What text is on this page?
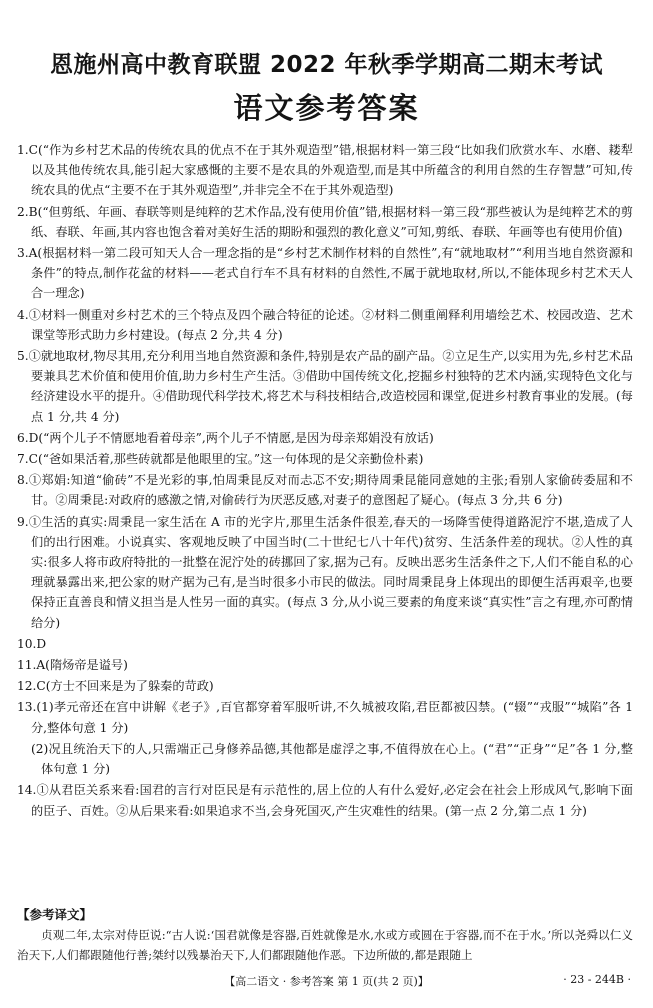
恩施州高中教育联盟 2022 年秋季学期高二期末考试
语文参考答案
1.C(“作为乡村艺术品的传统农具的优点不在于其外观造型”错,根据材料一第三段“比如我们欣赏水车、水磨、耧犁以及其他传统农具,能引起大家感慨的主要不是农具的外观造型,而是其中所蕴含的利用自然的生存智慧”可知,传统农具的优点“主要不在于其外观造型”,并非完全不在于其外观造型)
2.B(“但剪纸、年画、春联等则是纯粹的艺术作品,没有使用价值”错,根据材料一第三段“那些被认为是纯粹艺术的剪纸、春联、年画,其内容也饱含着对美好生活的期盼和强烈的教化意义”可知,剪纸、春联、年画等也有使用价值)
3.A(根据材料一第二段可知天人合一理念指的是“乡村艺术制作材料的自然性”,有“就地取材”“利用当地自然资源和条件”的特点,制作花盆的材料——老式自行车不具有材料的自然性,不属于就地取材,所以,不能体现乡村艺术天人合一理念)
4.①材料一侧重对乡村艺术的三个特点及四个融合特征的论述。②材料二侧重阐释利用墙绘艺术、校园改造、艺术课堂等形式助力乡村建设。(每点 2 分,共 4 分)
5.①就地取材,物尽其用,充分利用当地自然资源和条件,特别是农产品的副产品。②立足生产,以实用为先,乡村艺术品要兼具艺术价值和使用价值,助力乡村生产生活。③借助中国传统文化,挖掘乡村独特的艺术内涵,实现特色文化与经济建设水平的提升。④借助现代科学技术,将艺术与科技相结合,改造校园和课堂,促进乡村教育事业的发展。(每点 1 分,共 4 分)
6.D(“两个儿子不情愿地看着母亲”,两个儿子不情愿,是因为母亲郑娟没有放话)
7.C(“爸如果活着,那些砖就都是他眼里的宝。”这一句体现的是父亲勤俭朴素)
8.①郑娟:知道“偷砖”不是光彩的事,怕周秉昆反对而忐忑不安;期待周秉昆能同意她的主张;看别人家偷砖委屈和不甘。②周秉昆:对政府的感激之情,对偷砖行为厌恶反感,对妻子的意图起了疑心。(每点 3 分,共 6 分)
9.①生活的真实:周秉昆一家生活在 A 市的光字片,那里生活条件很差,春天的一场降雪使得道路泥泞不堪,造成了人们的出行困难。小说真实、客观地反映了中国当时(二十世纪七八十年代)贫穷、生活条件差的现状。②人性的真实:很多人将市政府特批的一批整在泥泞处的砖挪回了家,据为己有。反映出恶劣生活条件之下,人们不能自私的心理就暴露出来,把公家的财产据为己有,是当时很多小市民的做法。同时周秉昆身上体现出的即便生活再艰辛,也要保持正直善良和情义担当是人性另一面的真实。(每点 3 分,从小说三要素的角度来谈“真实性”言之有理,亦可酌情给分)
10.D
11.A(隋炀帝是谥号)
12.C(方士不回来是为了躲秦的苛政)
13.(1)孝元帝还在宫中讲解《老子》,百官都穿着军服听讲,不久城被攻陷,君臣都被囚禁。(“辍”“戎服”“城陷”各 1 分,整体句意 1 分)
(2)况且统治天下的人,只需端正己身修养品德,其他都是虚浮之事,不值得放在心上。(“君”“正身”“足”各 1 分,整体句意 1 分)
14.①从君臣关系来看:国君的言行对臣民是有示范性的,居上位的人有什么爱好,必定会在社会上形成风气,影响下面的臣子、百姓。②从后果来看:如果追求不当,会身死国灭,产生灾难性的结果。(第一点 2 分,第二点 1 分)
【参考译文】
贞观二年,太宗对侍臣说:“古人说:‘国君就像是容器,百姓就像是水,水或方或圆在于容器,而不在于水。’所以尧舜以仁义治天下,人们都跟随他行善;桀纣以残暴治天下,人们都跟随他作恶。下边所做的,都是跟随上
【高二语文 · 参考答案 第 1 页(共 2 页)】	· 23 - 244B ·
